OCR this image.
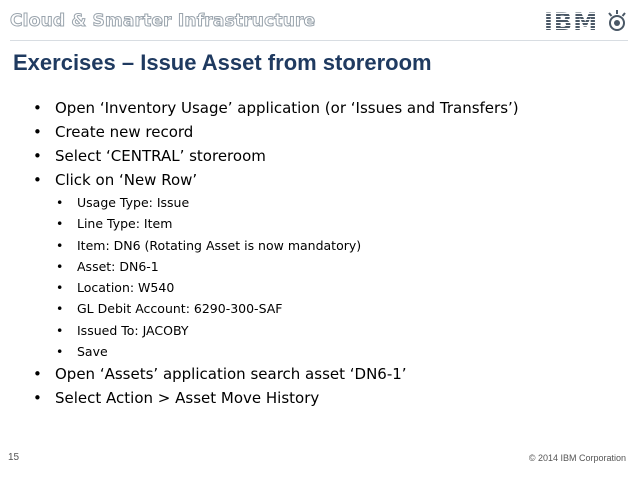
Cloud & Smarter Infrastructure	IBM
Exercises – Issue Asset from storeroom
• Open ‘Inventory Usage’ application (or ‘Issues and Transfers’)
• Create new record
• Select ‘CENTRAL’ storeroom
• Click on ‘New Row’
• Usage Type: Issue
• Line Type: Item
• Item: DN6 (Rotating Asset is now mandatory)
• Asset: DN6-1
• Location: W540
• GL Debit Account: 6290-300-SAF
• Issued To: JACOBY
• Save
• Open ‘Assets’ application search asset ‘DN6-1’
• Select Action > Asset Move History
15	© 2014 IBM Corporation
